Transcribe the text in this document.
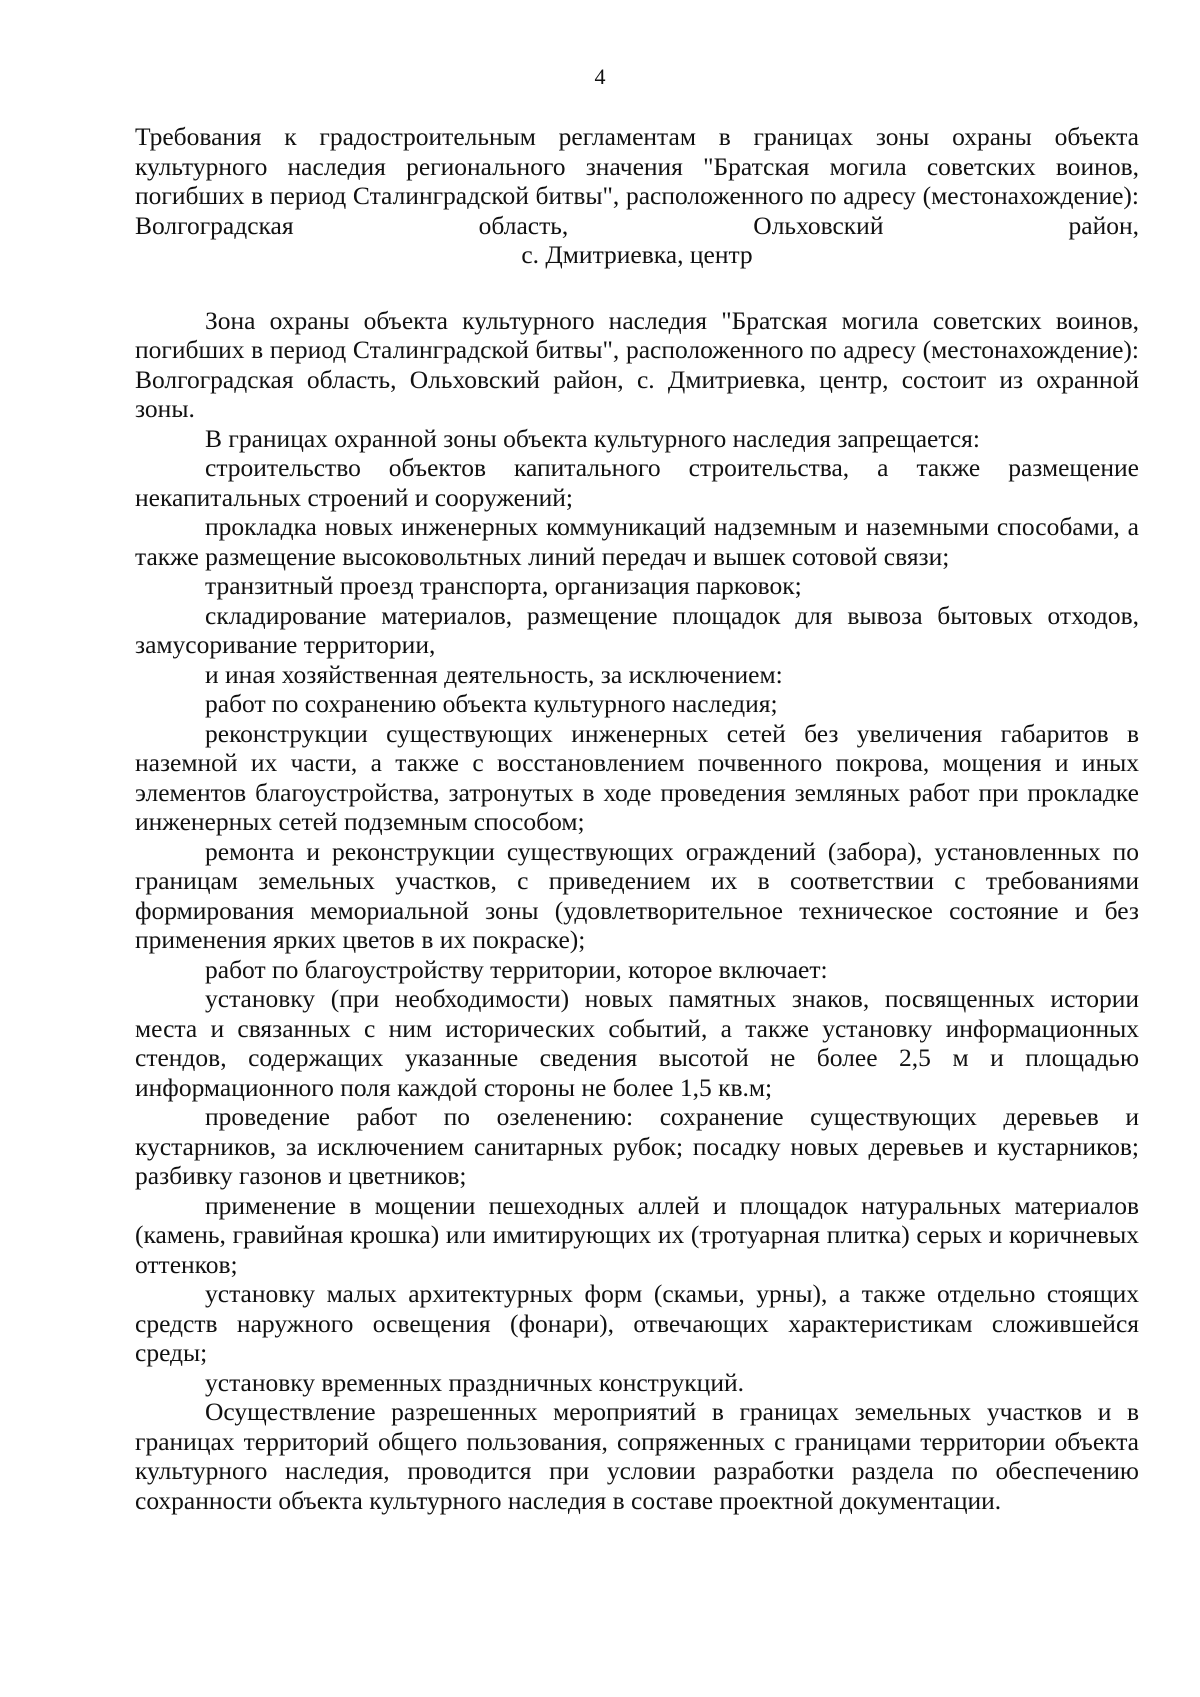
4

Требования к градостроительным регламентам в границах зоны охраны объекта культурного наследия регионального значения "Братская могила советских воинов, погибших в период Сталинградской битвы", расположенного по адресу (местонахождение): Волгоградская область, Ольховский район,

с. Дмитриевка, центр

Зона охраны объекта культурного наследия "Братская могила советских воинов, погибших в период Сталинградской битвы", расположенного по адресу (местонахождение): Волгоградская область, Ольховский район, с. Дмитриевка, центр, состоит из охранной зоны.

В границах охранной зоны объекта культурного наследия запрещается:

строительство объектов капитального строительства, а также размещение некапитальных строений и сооружений;

прокладка новых инженерных коммуникаций надземным и наземными способами, а также размещение высоковольтных линий передач и вышек сотовой связи;

транзитный проезд транспорта, организация парковок;

складирование материалов, размещение площадок для вывоза бытовых отходов, замусоривание территории,

и иная хозяйственная деятельность, за исключением:

работ по сохранению объекта культурного наследия;

реконструкции существующих инженерных сетей без увеличения габаритов в наземной их части, а также с восстановлением почвенного покрова, мощения и иных элементов благоустройства, затронутых в ходе проведения земляных работ при прокладке инженерных сетей подземным способом;

ремонта и реконструкции существующих ограждений (забора), установленных по границам земельных участков, с приведением их в соответствии с требованиями формирования мемориальной зоны (удовлетворительное техническое состояние и без применения ярких цветов в их покраске);

работ по благоустройству территории, которое включает:

установку (при необходимости) новых памятных знаков, посвященных истории места и связанных с ним исторических событий, а также установку информационных стендов, содержащих указанные сведения высотой не более 2,5 м и площадью информационного поля каждой стороны не более 1,5 кв.м;

проведение работ по озеленению: сохранение существующих деревьев и кустарников, за исключением санитарных рубок; посадку новых деревьев и кустарников; разбивку газонов и цветников;

применение в мощении пешеходных аллей и площадок натуральных материалов (камень, гравийная крошка) или имитирующих их (тротуарная плитка) серых и коричневых оттенков;

установку малых архитектурных форм (скамьи, урны), а также отдельно стоящих средств наружного освещения (фонари), отвечающих характеристикам сложившейся среды;

установку временных праздничных конструкций.

Осуществление разрешенных мероприятий в границах земельных участков и в границах территорий общего пользования, сопряженных с границами территории объекта культурного наследия, проводится при условии разработки раздела по обеспечению сохранности объекта культурного наследия в составе проектной документации.
